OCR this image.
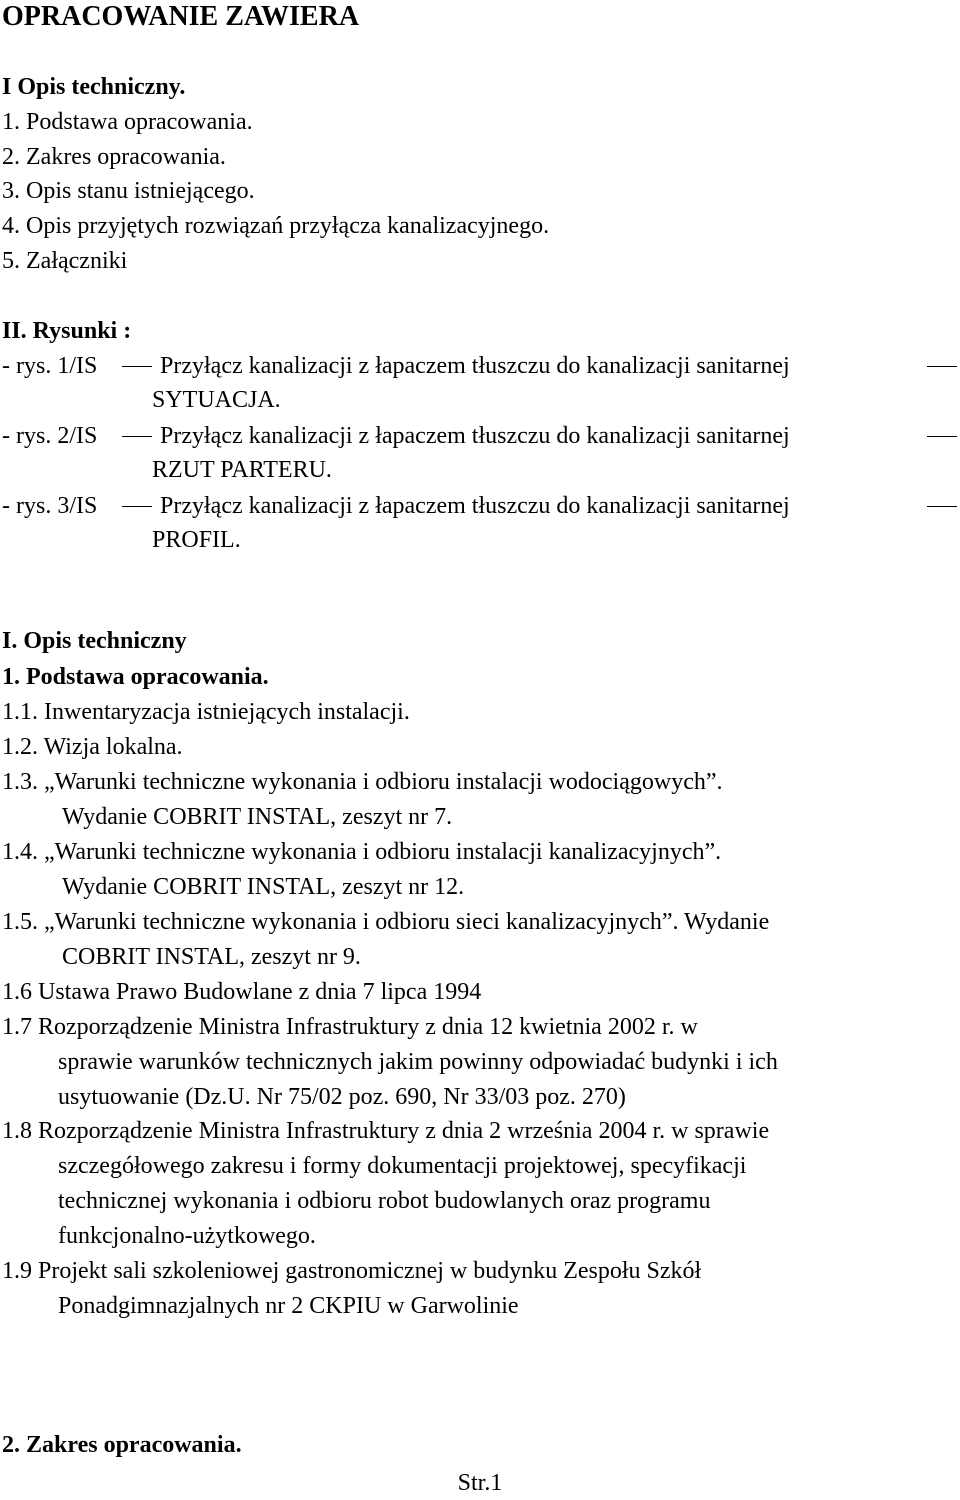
OPRACOWANIE ZAWIERA
I Opis techniczny.
1. Podstawa opracowania.
2. Zakres opracowania.
3. Opis stanu istniejącego.
4. Opis przyjętych rozwiązań przyłącza kanalizacyjnego.
5. Załączniki
II. Rysunki :
- rys. 1/IS	Przyłącz kanalizacji z łapaczem tłuszczu do kanalizacji sanitarnej
SYTUACJA.
- rys. 2/IS	Przyłącz kanalizacji z łapaczem tłuszczu do kanalizacji sanitarnej
RZUT PARTERU.
- rys. 3/IS	Przyłącz kanalizacji z łapaczem tłuszczu do kanalizacji sanitarnej
PROFIL.
I. Opis techniczny
1. Podstawa opracowania.
1.1. Inwentaryzacja istniejących instalacji.
1.2. Wizja lokalna.
1.3. „Warunki techniczne wykonania i odbioru instalacji wodociągowych”.
Wydanie COBRIT INSTAL, zeszyt nr 7.
1.4. „Warunki techniczne wykonania i odbioru instalacji kanalizacyjnych”.
Wydanie COBRIT INSTAL, zeszyt nr 12.
1.5. „Warunki techniczne wykonania i odbioru sieci kanalizacyjnych”. Wydanie
COBRIT INSTAL, zeszyt nr 9.
1.6 Ustawa Prawo Budowlane z dnia 7 lipca 1994
1.7 Rozporządzenie Ministra Infrastruktury z dnia 12 kwietnia 2002 r. w
sprawie warunków technicznych jakim powinny odpowiadać budynki i ich
usytuowanie (Dz.U. Nr 75/02 poz. 690, Nr 33/03 poz. 270)
1.8 Rozporządzenie Ministra Infrastruktury z dnia 2 września 2004 r. w sprawie
szczegółowego zakresu i formy dokumentacji projektowej, specyfikacji
technicznej wykonania i odbioru robot budowlanych oraz programu
funkcjonalno-użytkowego.
1.9 Projekt sali szkoleniowej gastronomicznej w budynku Zespołu Szkół
Ponadgimnazjalnych nr 2 CKPIU w Garwolinie
2. Zakres opracowania.
Str.1
